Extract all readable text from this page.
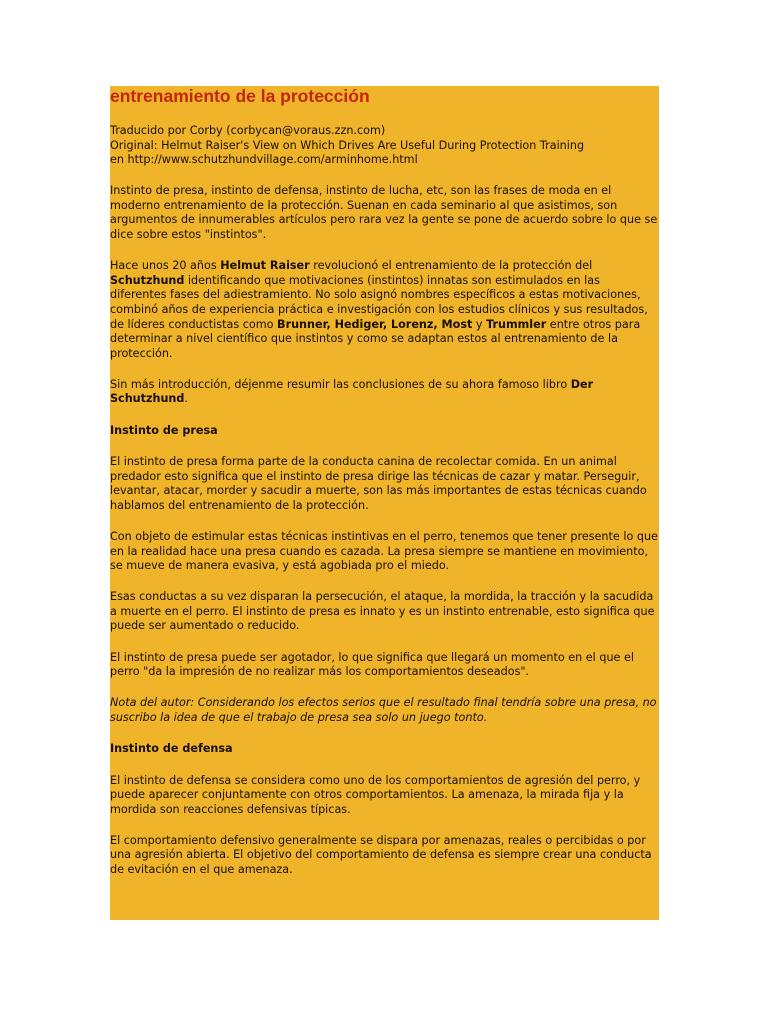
entrenamiento de la protección

Traducido por Corby (corbycan@voraus.zzn.com)
Original: Helmut Raiser's View on Which Drives Are Useful During Protection Training
en http://www.schutzhundvillage.com/arminhome.html

Instinto de presa, instinto de defensa, instinto de lucha, etc, son las frases de moda en el moderno entrenamiento de la protección. Suenan en cada seminario al que asistimos, son argumentos de innumerables artículos pero rara vez la gente se pone de acuerdo sobre lo que se dice sobre estos "instintos".

Hace unos 20 años Helmut Raiser revolucionó el entrenamiento de la protección del Schutzhund identificando que motivaciones (instintos) innatas son estimulados en las diferentes fases del adiestramiento. No solo asignó nombres específicos a estas motivaciones, combinó años de experiencia práctica e investigación con los estudios clínicos y sus resultados, de líderes conductistas como Brunner, Hediger, Lorenz, Most y Trummler entre otros para determinar a nivel científico que instintos y como se adaptan estos al entrenamiento de la protección.

Sin más introducción, déjenme resumir las conclusiones de su ahora famoso libro Der Schutzhund.

Instinto de presa

El instinto de presa forma parte de la conducta canina de recolectar comida. En un animal predador esto significa que el instinto de presa dirige las técnicas de cazar y matar. Perseguir, levantar, atacar, morder y sacudir a muerte, son las más importantes de estas técnicas cuando hablamos del entrenamiento de la protección.

Con objeto de estimular estas técnicas instintivas en el perro, tenemos que tener presente lo que en la realidad hace una presa cuando es cazada. La presa siempre se mantiene en movimiento, se mueve de manera evasiva, y está agobiada pro el miedo.

Esas conductas a su vez disparan la persecución, el ataque, la mordida, la tracción y la sacudida a muerte en el perro. El instinto de presa es innato y es un instinto entrenable, esto significa que puede ser aumentado o reducido.

El instinto de presa puede ser agotador, lo que significa que llegará un momento en el que el perro "da la impresión de no realizar más los comportamientos deseados".

Nota del autor: Considerando los efectos serios que el resultado final tendría sobre una presa, no suscribo la idea de que el trabajo de presa sea solo un juego tonto.

Instinto de defensa

El instinto de defensa se considera como uno de los comportamientos de agresión del perro, y puede aparecer conjuntamente con otros comportamientos. La amenaza, la mirada fija y la mordida son reacciones defensivas típicas.

El comportamiento defensivo generalmente se dispara por amenazas, reales o percibidas o por una agresión abierta. El objetivo del comportamiento de defensa es siempre crear una conducta de evitación en el que amenaza.
